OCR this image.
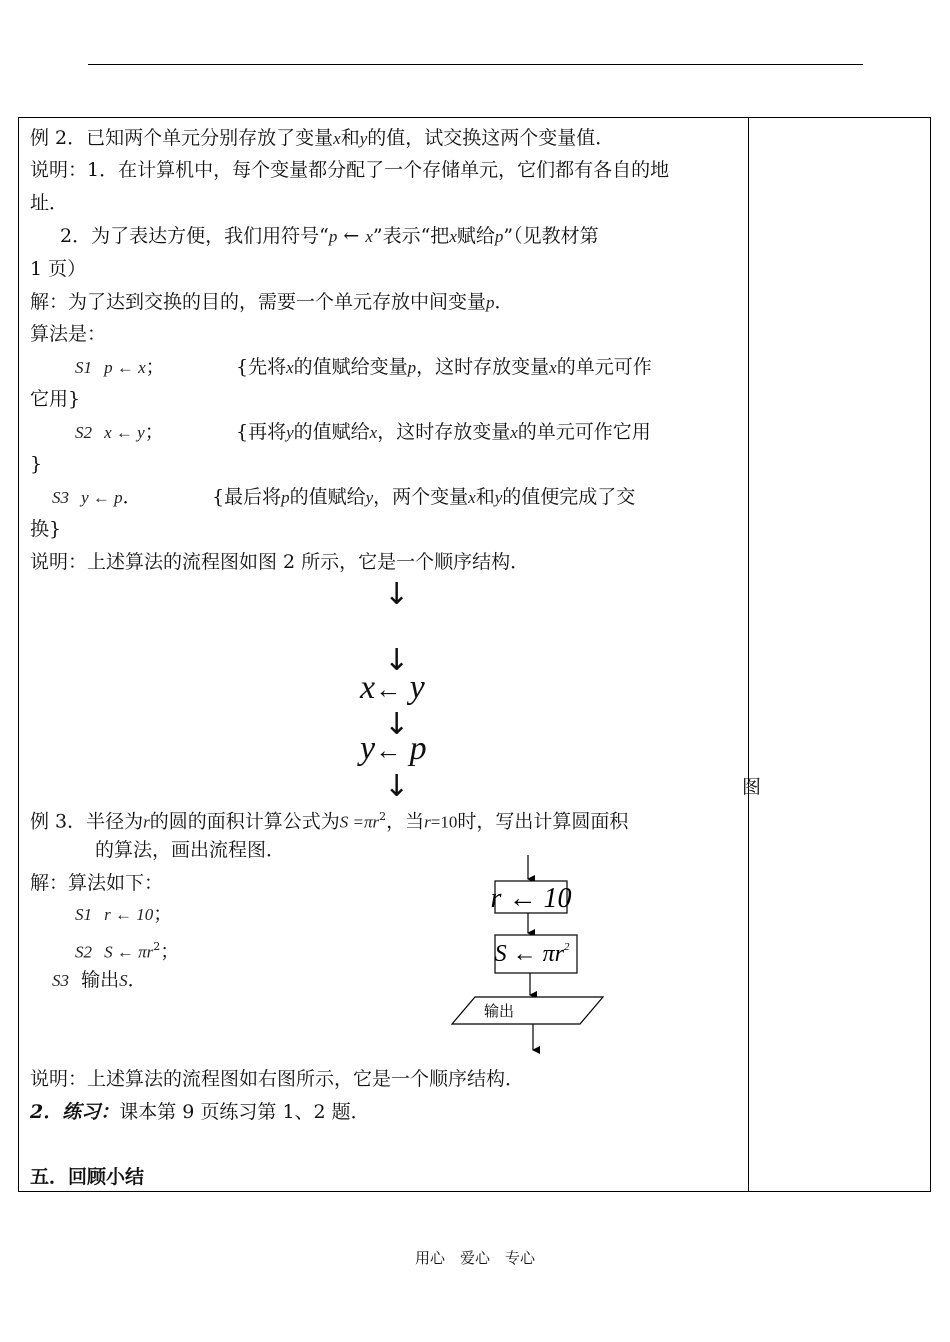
例 2．已知两个单元分别存放了变量x和y的值，试交换这两个变量值．
说明：1．在计算机中，每个变量都分配了一个存储单元，它们都有各自的地
址．
2．为了表达方便，我们用符号“p ← x”表示“把x赋给p”（见教材第
1 页）
解：为了达到交换的目的，需要一个单元存放中间变量p．
算法是：
S1 p ← x；	{先将x的值赋给变量p，这时存放变量x的单元可作
它用}
S2 x ← y；	{再将y的值赋给x，这时存放变量x的单元可作它用
}
S3 y ← p．	{最后将p的值赋给y，两个变量x和y的值便完成了交
换}
说明：上述算法的流程图如图 2 所示，它是一个顺序结构．
↓
↓
x← y
↓
y← p
↓	图
例 3．半径为r的圆的面积计算公式为$S =\pi r^2$，当r=10时，写出计算圆面积
的算法，画出流程图．
解：算法如下：
S1 r ← 10；
S2 S ← $\pi r^2$；
S3 输出S．
r ← 10
S ← $\pi r^2$
输出
说明：上述算法的流程图如右图所示，它是一个顺序结构．
2．练习：课本第 9 页练习第 1、2 题．
五．回顾小结
用心　爱心　专心
